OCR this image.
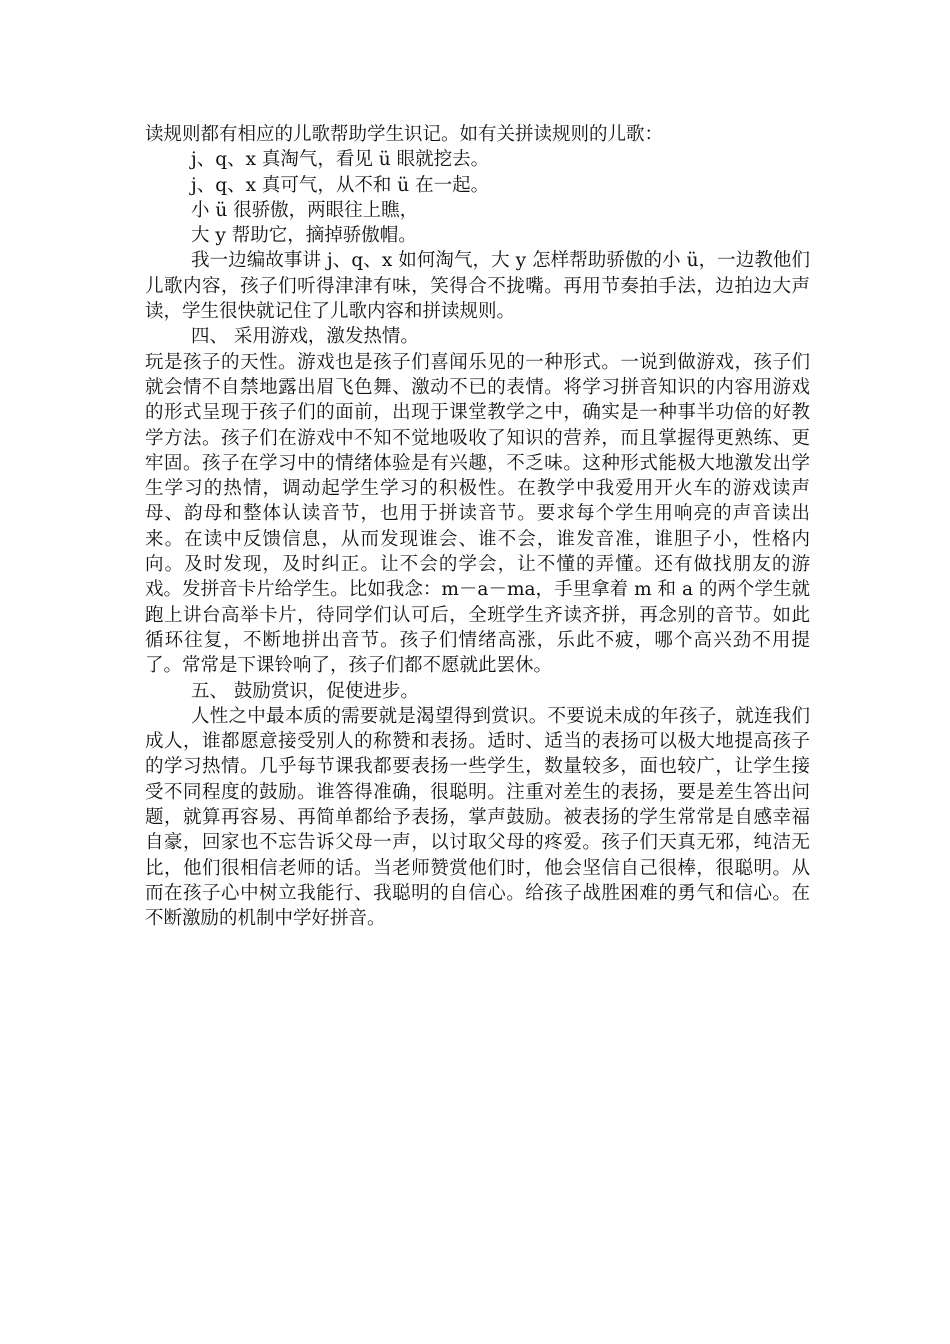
读规则都有相应的儿歌帮助学生识记。如有关拼读规则的儿歌：

j、q、x 真淘气，看见 ü 眼就挖去。

j、q、x 真可气，从不和 ü 在一起。

小 ü 很骄傲，两眼往上瞧，

大 y 帮助它，摘掉骄傲帽。

我一边编故事讲 j、q、x 如何淘气，大 y 怎样帮助骄傲的小 ü，一边教他们儿歌内容，孩子们听得津津有味，笑得合不拢嘴。再用节奏拍手法，边拍边大声读，学生很快就记住了儿歌内容和拼读规则。

四、 采用游戏，激发热情。

玩是孩子的天性。游戏也是孩子们喜闻乐见的一种形式。一说到做游戏，孩子们就会情不自禁地露出眉飞色舞、激动不已的表情。将学习拼音知识的内容用游戏的形式呈现于孩子们的面前，出现于课堂教学之中，确实是一种事半功倍的好教学方法。孩子们在游戏中不知不觉地吸收了知识的营养，而且掌握得更熟练、更牢固。孩子在学习中的情绪体验是有兴趣，不乏味。这种形式能极大地激发出学生学习的热情，调动起学生学习的积极性。在教学中我爱用开火车的游戏读声母、韵母和整体认读音节，也用于拼读音节。要求每个学生用响亮的声音读出来。在读中反馈信息，从而发现谁会、谁不会，谁发音准，谁胆子小，性格内向。及时发现，及时纠正。让不会的学会，让不懂的弄懂。还有做找朋友的游戏。发拼音卡片给学生。比如我念：m－a－ma，手里拿着 m 和 a 的两个学生就跑上讲台高举卡片，待同学们认可后，全班学生齐读齐拼，再念别的音节。如此循环往复，不断地拼出音节。孩子们情绪高涨，乐此不疲，哪个高兴劲不用提了。常常是下课铃响了，孩子们都不愿就此罢休。

五、 鼓励赏识，促使进步。

人性之中最本质的需要就是渴望得到赏识。不要说未成的年孩子，就连我们成人，谁都愿意接受别人的称赞和表扬。适时、适当的表扬可以极大地提高孩子的学习热情。几乎每节课我都要表扬一些学生，数量较多，面也较广，让学生接受不同程度的鼓励。谁答得准确，很聪明。注重对差生的表扬，要是差生答出问题，就算再容易、再简单都给予表扬，掌声鼓励。被表扬的学生常常是自感幸福自豪，回家也不忘告诉父母一声，以讨取父母的疼爱。孩子们天真无邪，纯洁无比，他们很相信老师的话。当老师赞赏他们时，他会坚信自己很棒，很聪明。从而在孩子心中树立我能行、我聪明的自信心。给孩子战胜困难的勇气和信心。在不断激励的机制中学好拼音。
